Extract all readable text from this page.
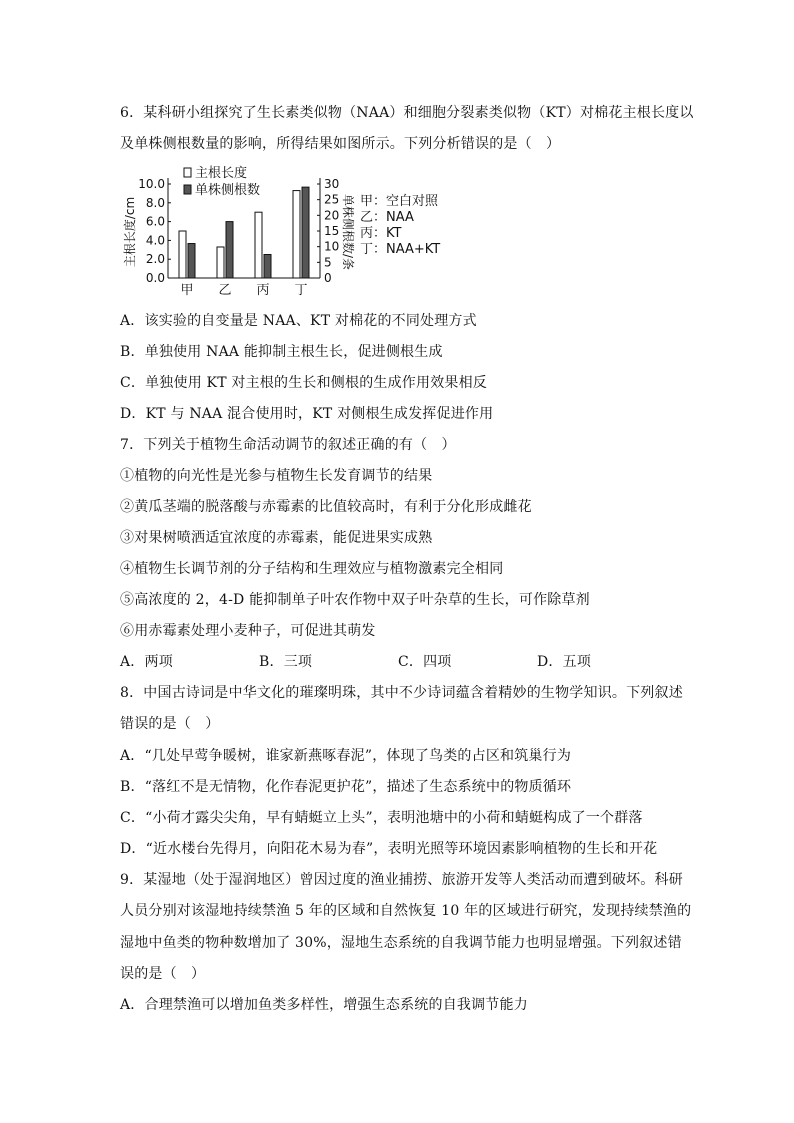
6．某科研小组探究了生长素类似物（NAA）和细胞分裂素类似物（KT）对棉花主根长度以
及单株侧根数量的影响，所得结果如图所示。下列分析错误的是（　）
10.0
8.0
6.0
4.0
2.0
0.0
30
25
20
15
10
5
0
主根长度/cm	单株侧根数/条
甲 乙 丙 丁
主根长度
单株侧根数
甲：空白对照
乙：NAA
丙：KT
丁：NAA+KT
A．该实验的自变量是 NAA、KT 对棉花的不同处理方式
B．单独使用 NAA 能抑制主根生长，促进侧根生成
C．单独使用 KT 对主根的生长和侧根的生成作用效果相反
D．KT 与 NAA 混合使用时，KT 对侧根生成发挥促进作用
7．下列关于植物生命活动调节的叙述正确的有（　）
①植物的向光性是光参与植物生长发育调节的结果
②黄瓜茎端的脱落酸与赤霉素的比值较高时，有利于分化形成雌花
③对果树喷洒适宜浓度的赤霉素，能促进果实成熟
④植物生长调节剂的分子结构和生理效应与植物激素完全相同
⑤高浓度的 2，4-D 能抑制单子叶农作物中双子叶杂草的生长，可作除草剂
⑥用赤霉素处理小麦种子，可促进其萌发
A．两项	B．三项	C．四项	D．五项
8．中国古诗词是中华文化的璀璨明珠，其中不少诗词蕴含着精妙的生物学知识。下列叙述
错误的是（　）
A．“几处早莺争暖树，谁家新燕啄春泥”，体现了鸟类的占区和筑巢行为
B．“落红不是无情物，化作春泥更护花”，描述了生态系统中的物质循环
C．“小荷才露尖尖角，早有蜻蜓立上头”，表明池塘中的小荷和蜻蜓构成了一个群落
D．“近水楼台先得月，向阳花木易为春”，表明光照等环境因素影响植物的生长和开花
9．某湿地（处于湿润地区）曾因过度的渔业捕捞、旅游开发等人类活动而遭到破坏。科研
人员分别对该湿地持续禁渔 5 年的区域和自然恢复 10 年的区域进行研究，发现持续禁渔的
湿地中鱼类的物种数增加了 30%，湿地生态系统的自我调节能力也明显增强。下列叙述错
误的是（　）
A．合理禁渔可以增加鱼类多样性，增强生态系统的自我调节能力
